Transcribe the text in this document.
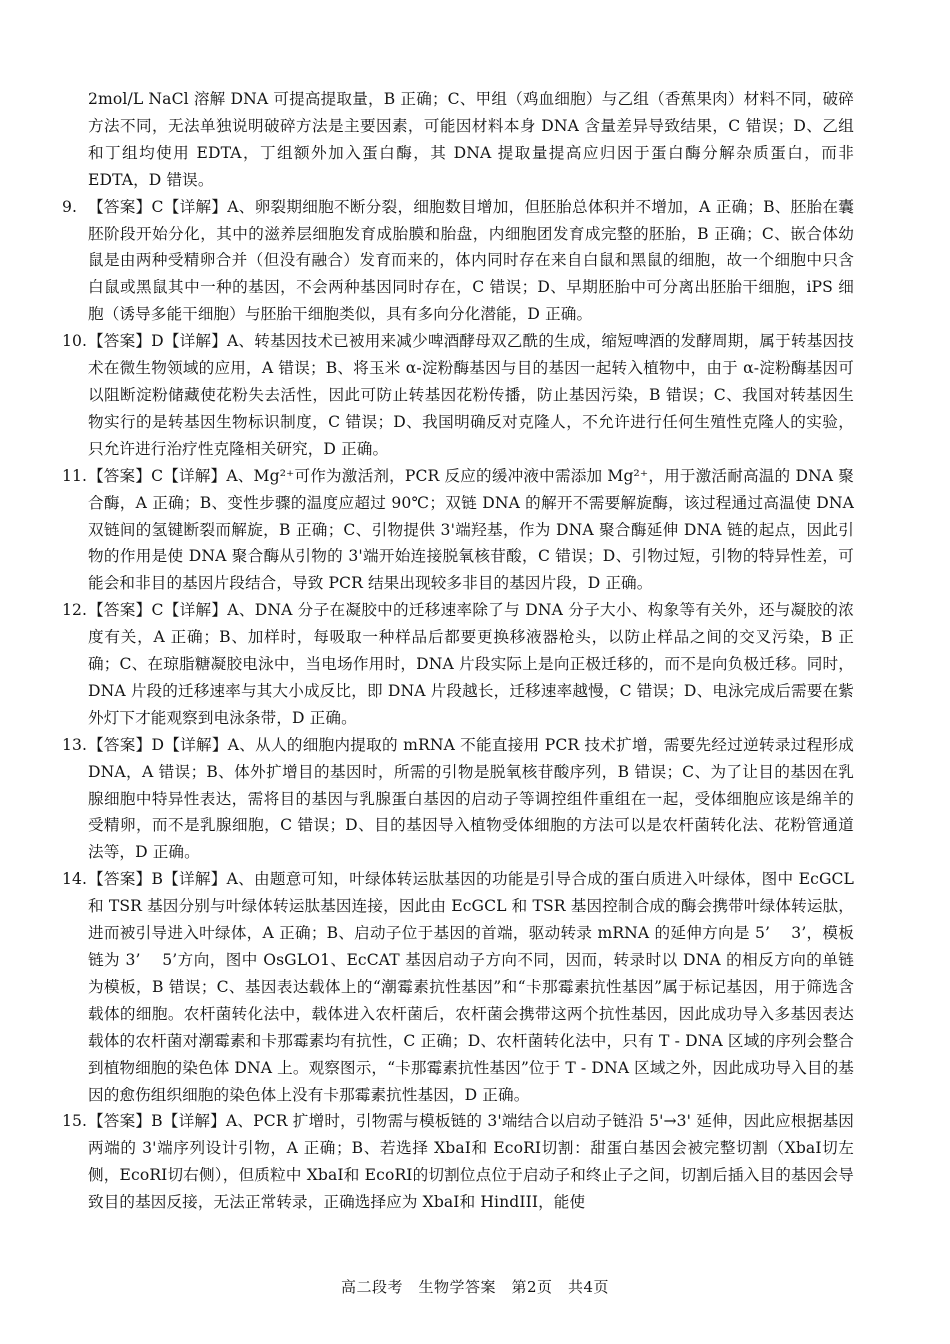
2mol/L NaCl 溶解 DNA 可提高提取量，B 正确；C、甲组（鸡血细胞）与乙组（香蕉果肉）材料不同，破碎方法不同，无法单独说明破碎方法是主要因素，可能因材料本身 DNA 含量差异导致结果，C 错误；D、乙组和丁组均使用 EDTA，丁组额外加入蛋白酶，其 DNA 提取量提高应归因于蛋白酶分解杂质蛋白，而非 EDTA，D 错误。

9. 【答案】C【详解】A、卵裂期细胞不断分裂，细胞数目增加，但胚胎总体积并不增加，A 正确；B、胚胎在囊胚阶段开始分化，其中的滋养层细胞发育成胎膜和胎盘，内细胞团发育成完整的胚胎，B 正确；C、嵌合体幼鼠是由两种受精卵合并（但没有融合）发育而来的，体内同时存在来自白鼠和黑鼠的细胞，故一个细胞中只含白鼠或黑鼠其中一种的基因，不会两种基因同时存在，C 错误；D、早期胚胎中可分离出胚胎干细胞，iPS 细胞（诱导多能干细胞）与胚胎干细胞类似，具有多向分化潜能，D 正确。
10. 【答案】D【详解】A、转基因技术已被用来减少啤酒酵母双乙酰的生成，缩短啤酒的发酵周期，属于转基因技术在微生物领域的应用，A 错误；B、将玉米 α-淀粉酶基因与目的基因一起转入植物中，由于 α-淀粉酶基因可以阻断淀粉储藏使花粉失去活性，因此可防止转基因花粉传播，防止基因污染，B 错误；C、我国对转基因生物实行的是转基因生物标识制度，C 错误；D、我国明确反对克隆人，不允许进行任何生殖性克隆人的实验，只允许进行治疗性克隆相关研究，D 正确。
11. 【答案】C【详解】A、Mg²⁺可作为激活剂，PCR 反应的缓冲液中需添加 Mg²⁺，用于激活耐高温的 DNA 聚合酶，A 正确；B、变性步骤的温度应超过 90℃；双链 DNA 的解开不需要解旋酶，该过程通过高温使 DNA 双链间的氢键断裂而解旋，B 正确；C、引物提供 3'端羟基，作为 DNA 聚合酶延伸 DNA 链的起点，因此引物的作用是使 DNA 聚合酶从引物的 3'端开始连接脱氧核苷酸，C 错误；D、引物过短，引物的特异性差，可能会和非目的基因片段结合，导致 PCR 结果出现较多非目的基因片段，D 正确。
12. 【答案】C【详解】A、DNA 分子在凝胶中的迁移速率除了与 DNA 分子大小、构象等有关外，还与凝胶的浓度有关，A 正确；B、加样时，每吸取一种样品后都要更换移液器枪头，以防止样品之间的交叉污染，B 正确；C、在琼脂糖凝胶电泳中，当电场作用时，DNA 片段实际上是向正极迁移的，而不是向负极迁移。同时，DNA 片段的迁移速率与其大小成反比，即 DNA 片段越长，迁移速率越慢，C 错误；D、电泳完成后需要在紫外灯下才能观察到电泳条带，D 正确。
13. 【答案】D【详解】A、从人的细胞内提取的 mRNA 不能直接用 PCR 技术扩增，需要先经过逆转录过程形成 DNA，A 错误；B、体外扩增目的基因时，所需的引物是脱氧核苷酸序列，B 错误；C、为了让目的基因在乳腺细胞中特异性表达，需将目的基因与乳腺蛋白基因的启动子等调控组件重组在一起，受体细胞应该是绵羊的受精卵，而不是乳腺细胞，C 错误；D、目的基因导入植物受体细胞的方法可以是农杆菌转化法、花粉管通道法等，D 正确。
14. 【答案】B【详解】A、由题意可知，叶绿体转运肽基因的功能是引导合成的蛋白质进入叶绿体，图中 EcGCL 和 TSR 基因分别与叶绿体转运肽基因连接，因此由 EcGCL 和 TSR 基因控制合成的酶会携带叶绿体转运肽，进而被引导进入叶绿体，A 正确；B、启动子位于基因的首端，驱动转录 mRNA 的延伸方向是 5’　 3’，模板链为 3’　 5’方向，图中 OsGLO1、EcCAT 基因启动子方向不同，因而，转录时以 DNA 的相反方向的单链为模板，B 错误；C、基因表达载体上的“潮霉素抗性基因”和“卡那霉素抗性基因”属于标记基因，用于筛选含载体的细胞。农杆菌转化法中，载体进入农杆菌后，农杆菌会携带这两个抗性基因，因此成功导入多基因表达载体的农杆菌对潮霉素和卡那霉素均有抗性，C 正确；D、农杆菌转化法中，只有 T - DNA 区域的序列会整合到植物细胞的染色体 DNA 上。观察图示，“卡那霉素抗性基因”位于 T - DNA 区域之外，因此成功导入目的基因的愈伤组织细胞的染色体上没有卡那霉素抗性基因，D 正确。
15. 【答案】B【详解】A、PCR 扩增时，引物需与模板链的 3'端结合以启动子链沿 5'→3' 延伸，因此应根据基因两端的 3'端序列设计引物，A 正确；B、若选择 XbaI和 EcoRI切割：甜蛋白基因会被完整切割（XbaI切左侧，EcoRI切右侧），但质粒中 XbaI和 EcoRI的切割位点位于启动子和终止子之间，切割后插入目的基因会导致目的基因反接，无法正常转录，正确选择应为 XbaI和 HindIII，能使
高二段考　生物学答案　第2页　共4页
